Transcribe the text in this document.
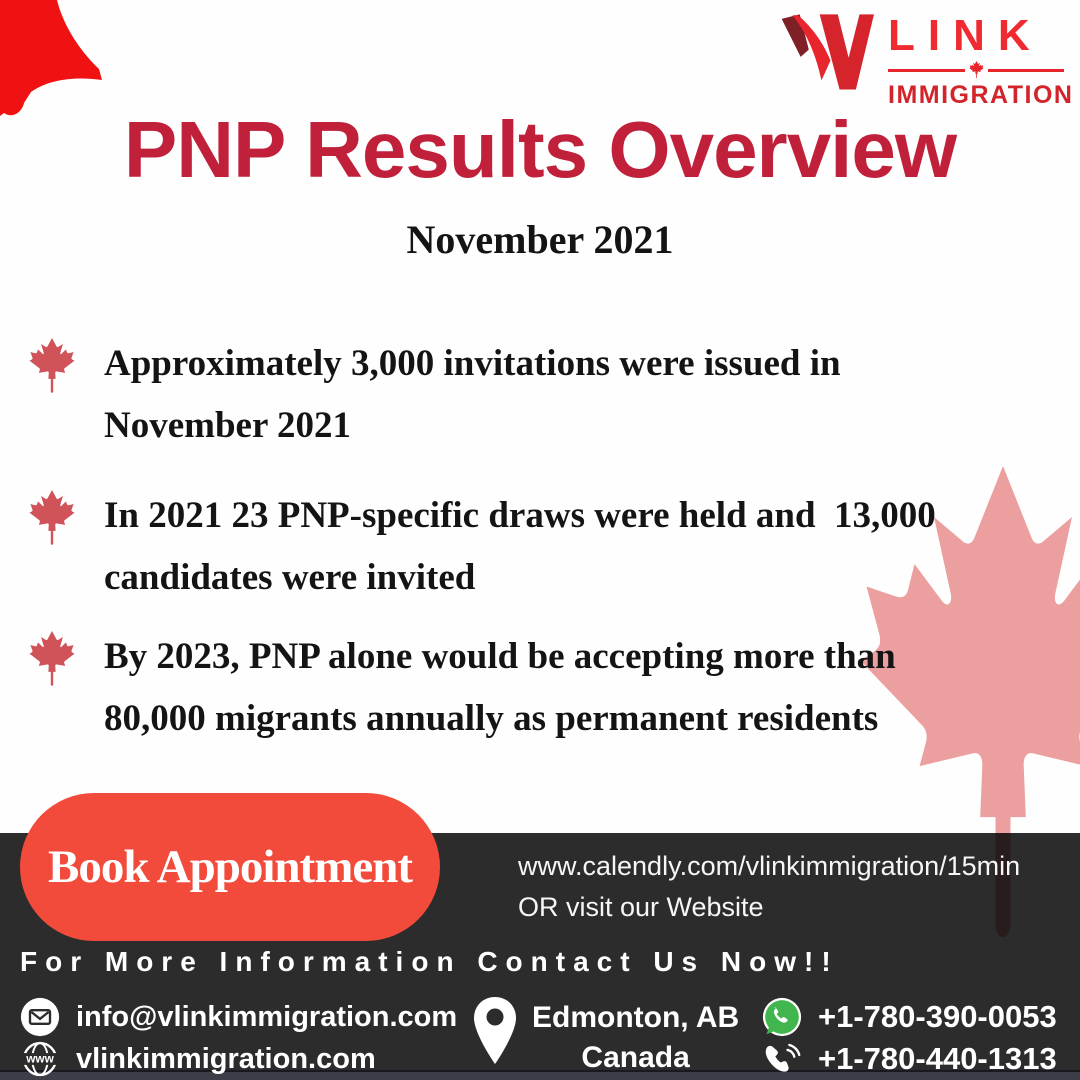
LINK
IMMIGRATION
PNP Results Overview
November 2021
Approximately 3,000 invitations were issued in
November 2021
In 2021 23 PNP-specific draws were held and  13,000
candidates were invited
By 2023, PNP alone would be accepting more than
80,000 migrants annually as permanent residents
Book Appointment	www.calendly.com/vlinkimmigration/15min
OR visit our Website
For More Information Contact Us Now!!
info@vlinkimmigration.com
www vlinkimmigration.com
Edmonton, AB
Canada
+1-780-390-0053
+1-780-440-1313
